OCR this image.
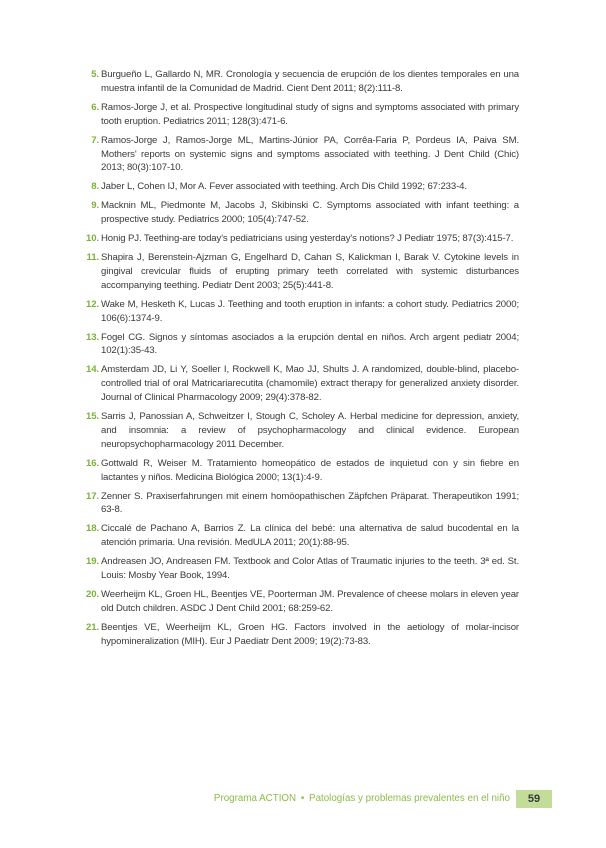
5. Burgueño L, Gallardo N, MR. Cronología y secuencia de erupción de los dientes temporales en una muestra infantil de la Comunidad de Madrid. Cient Dent 2011; 8(2):111-8.
6. Ramos-Jorge J, et al. Prospective longitudinal study of signs and symptoms associated with primary tooth eruption. Pediatrics 2011; 128(3):471-6.
7. Ramos-Jorge J, Ramos-Jorge ML, Martins-Júnior PA, Corrêa-Faria P, Pordeus IA, Paiva SM. Mothers' reports on systemic signs and symptoms associated with teething. J Dent Child (Chic) 2013; 80(3):107-10.
8. Jaber L, Cohen IJ, Mor A. Fever associated with teething. Arch Dis Child 1992; 67:233-4.
9. Macknin ML, Piedmonte M, Jacobs J, Skibinski C. Symptoms associated with infant teething: a prospective study. Pediatrics 2000; 105(4):747-52.
10. Honig PJ. Teething-are today's pediatricians using yesterday's notions? J Pediatr 1975; 87(3):415-7.
11. Shapira J, Berenstein-Ajzman G, Engelhard D, Cahan S, Kalickman I, Barak V. Cytokine levels in gingival crevicular fluids of erupting primary teeth correlated with systemic disturbances accompanying teething. Pediatr Dent 2003; 25(5):441-8.
12. Wake M, Hesketh K, Lucas J. Teething and tooth eruption in infants: a cohort study. Pediatrics 2000; 106(6):1374-9.
13. Fogel CG. Signos y síntomas asociados a la erupción dental en niños. Arch argent pediatr 2004; 102(1):35-43.
14. Amsterdam JD, Li Y, Soeller I, Rockwell K, Mao JJ, Shults J. A randomized, double-blind, placebo-controlled trial of oral Matricariarecutita (chamomile) extract therapy for generalized anxiety disorder. Journal of Clinical Pharmacology 2009; 29(4):378-82.
15. Sarris J, Panossian A, Schweitzer I, Stough C, Scholey A. Herbal medicine for depression, anxiety, and insomnia: a review of psychopharmacology and clinical evidence. European neuropsychopharmacology 2011 December.
16. Gottwald R, Weiser M. Tratamiento homeopático de estados de inquietud con y sin fiebre en lactantes y niños. Medicina Biológica 2000; 13(1):4-9.
17. Zenner S. Praxiserfahrungen mit einem homöopathischen Zäpfchen Präparat. Therapeutikon 1991; 63-8.
18. Ciccalé de Pachano A, Barrios Z. La clínica del bebé: una alternativa de salud bucodental en la atención primaria. Una revisión. MedULA 2011; 20(1):88-95.
19. Andreasen JO, Andreasen FM. Textbook and Color Atlas of Traumatic injuries to the teeth. 3ª ed. St. Louis: Mosby Year Book, 1994.
20. Weerheijm KL, Groen HL, Beentjes VE, Poorterman JM. Prevalence of cheese molars in eleven year old Dutch children. ASDC J Dent Child 2001; 68:259-62.
21. Beentjes VE, Weerheijm KL, Groen HG. Factors involved in the aetiology of molar-incisor hypomineralization (MIH). Eur J Paediatr Dent 2009; 19(2):73-83.
Programa ACTION • Patologías y problemas prevalentes en el niño	59
